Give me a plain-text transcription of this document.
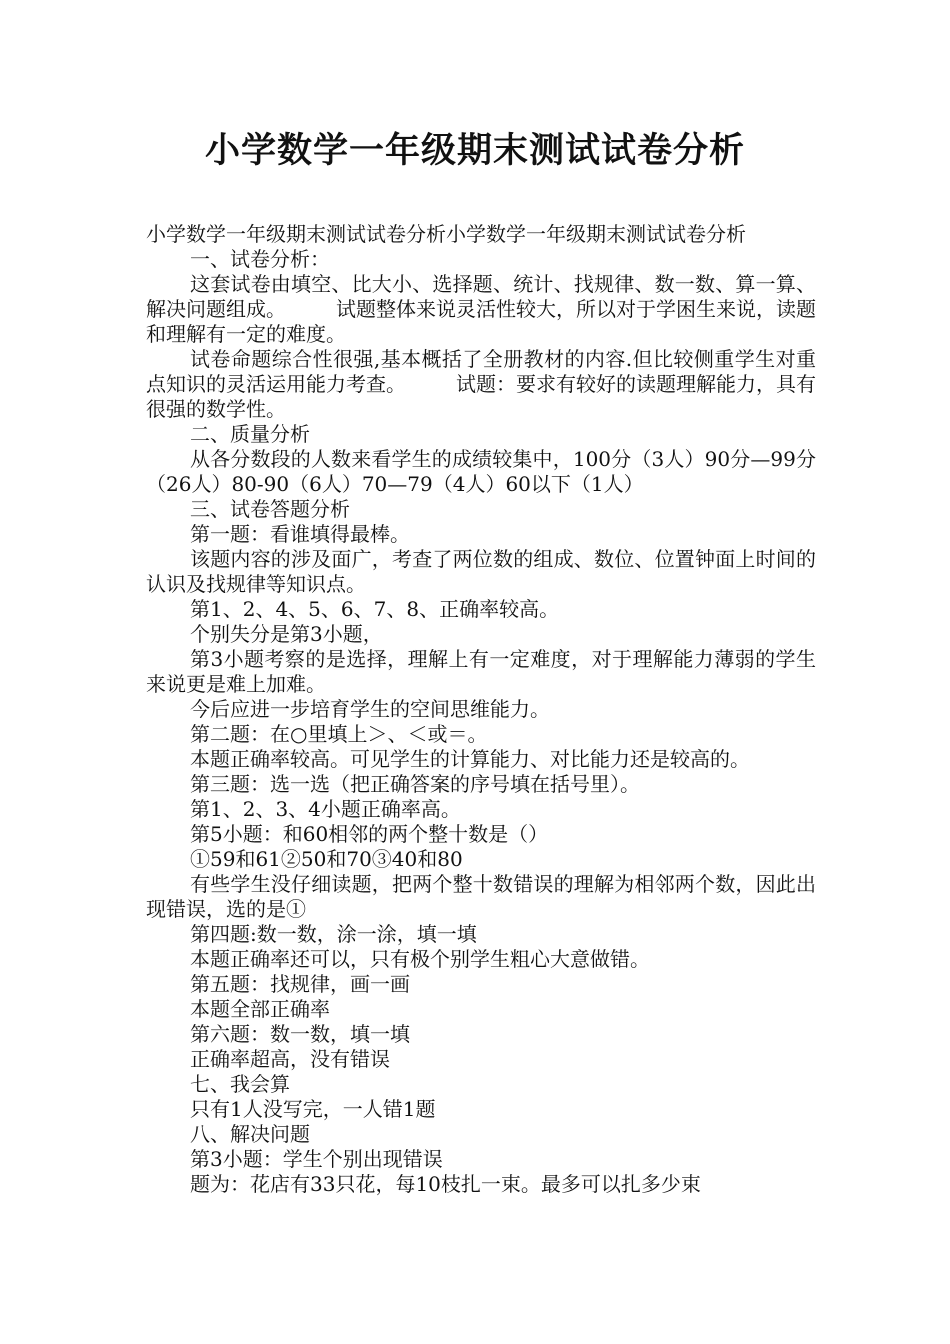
小学数学一年级期末测试试卷分析

小学数学一年级期末测试试卷分析小学数学一年级期末测试试卷分析

一、试卷分析：

这套试卷由填空、比大小、选择题、统计、找规律、数一数、算一算、解决问题组成。　　　试题整体来说灵活性较大，所以对于学困生来说，读题和理解有一定的难度。

试卷命题综合性很强,基本概括了全册教材的内容.但比较侧重学生对重点知识的灵活运用能力考查。　　　试题：要求有较好的读题理解能力，具有很强的数学性。

二、质量分析

从各分数段的人数来看学生的成绩较集中，100分（3人）90分—99分（26人）80-90（6人）70—79（4人）60以下（1人）

三、试卷答题分析

第一题：看谁填得最棒。

该题内容的涉及面广，考查了两位数的组成、数位、位置钟面上时间的认识及找规律等知识点。

第1、2、4、5、6、7、8、正确率较高。

个别失分是第3小题，

第3小题考察的是选择，理解上有一定难度，对于理解能力薄弱的学生来说更是难上加难。

今后应进一步培育学生的空间思维能力。

第二题：在○里填上＞、＜或＝。

本题正确率较高。可见学生的计算能力、对比能力还是较高的。

第三题：选一选（把正确答案的序号填在括号里）。

第1、2、3、4小题正确率高。

第5小题：和60相邻的两个整十数是（）

①59和61②50和70③40和80

有些学生没仔细读题，把两个整十数错误的理解为相邻两个数，因此出现错误，选的是①

第四题:数一数，涂一涂，填一填

本题正确率还可以，只有极个别学生粗心大意做错。

第五题：找规律，画一画

本题全部正确率

第六题：数一数，填一填

正确率超高，没有错误

七、我会算

只有1人没写完，一人错1题

八、解决问题

第3小题：学生个别出现错误

题为：花店有33只花，每10枝扎一束。最多可以扎多少束
